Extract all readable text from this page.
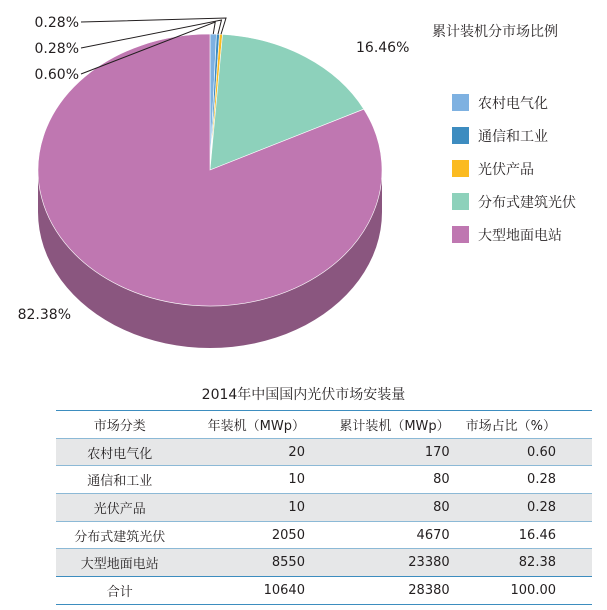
0.60%
0.28%
0.28%
16.46%
82.38%
累计装机分市场比例
农村电气化
通信和工业
光伏产品
分布式建筑光伏
大型地面电站
2014年中国国内光伏市场安装量
市场分类	年装机（MWp）	累计装机（MWp）	市场占比（%）
农村电气化	20	170	0.60
通信和工业	10	80	0.28
光伏产品	10	80	0.28
分布式建筑光伏	2050	4670	16.46
大型地面电站	8550	23380	82.38
合计	10640	28380	100.00
